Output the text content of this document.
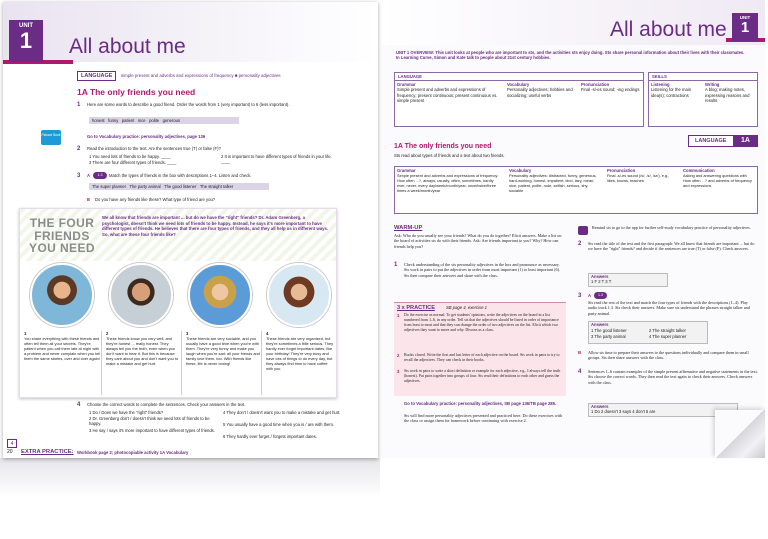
UNIT
1	All about me
LANGUAGE	simple present and adverbs and expressions of frequency ■ personality adjectives
1A The only friends you need
1 Here are some words to describe a good friend. Order the words from 1 (very important) to 6 (less important).
honest funny patient nice polite generous
Palrace Book	Go to Vocabulary practice: personality adjectives, page 136
2 Read the introduction to the text. Are the sentences true (T) or false (F)?
1 You need lots of friends to be happy. ____	2 It is important to have different types of friends in your life. ____
3 There are four different types of friends. ____
3 A	1.3	Match the types of friends in the box with descriptions 1–4. Listen and check.
The super planner The party animal The good listener The straight talker
B Do you have any friends like these? What type of friend are you?
THE FOUR FRIENDS YOU NEED
We all know that friends are important ... but do we have the "right" friends? Dr. Adam Greenberg, a psychologist, doesn't think we need lots of friends to be happy. Instead, he says it's more important to have different types of friends. He believes that there are four types of friends, and they all help us in different ways. So, what are these four friends like?
1
You share everything with these friends and often tell them all your secrets. They're patient when you call them late at night with a problem and never complain when you tell them the same stories, over and over again!
2
These friends know you very well, and they're honest ... really honest. They always tell you the truth, even when you don't want to hear it. But this is because they care about you and don't want you to make a mistake and get hurt.
3
These friends are very sociable, and you usually have a good time when you're with them. They're very funny and make you laugh when you're sad; all your friends and family love them, too. With friends like these, life is never boring!
4
These friends are very organized, but they're sometimes a little serious. They hardly ever forget important dates, like your birthday! They're very busy and have lots of things to do every day, but they always find time to have coffee with you.
4 Choose the correct words to complete the sentences. Check your answers in the text.
1 Do / Does we have the "right" friends?
2 Dr. Greenberg don't / doesn't think we need lots of friends to be happy.
3 He say / says it's more important to have different types of friends.
4 They don't / doesn't want you to make a mistake and get hurt.
5 You usually have a good time when you is / are with them.
6 They hardly ever forget / forgets important dates.
4
20 EXTRA PRACTICE: Workbook page 2; photocopiable activity 1A Vocabulary
All about me
UNIT
1
UNIT 1 OVERVIEW: This unit looks at people who are important to sts, and the activities sts enjoy doing. Sts share personal information about their lives with their classmates. In Learning Curve, Simon and Kate talk to people about 21st century hobbies.
LANGUAGE
Grammar
Simple present and adverbs and expressions of frequency; present continuous; present continuous vs. simple present
Vocabulary
Personality adjectives; hobbies and socializing; useful verbs
Pronunciation
Final -s/-es sound; -ing endings
SKILLS
Listening
Listening for the main idea(s); contractions
Writing
A blog; making notes, expressing reasons and results
LANGUAGE	1A
1A The only friends you need
Sts read about types of friends and a text about two friends.
Grammar
Simple present and adverbs and expressions of frequency: How often ...?, always, usually, often, sometimes, hardly ever, never, every day/week/month/year, once/twice/three times a week/month/year
Vocabulary
Personality adjectives: distracted, funny, generous, hard-working, honest, impatient, kind, lazy, mean, nice, patient, polite, rude, selfish, serious, shy, sociable
Pronunciation
Final -s/-es sound (/s/, /z/, /ɪz/), e.g., likes, knows, teaches
Communication
Asking and answering questions with How often ...? and adverbs of frequency and expressions
WARM-UP
Ask: Who do you usually see your friends? What do you do together? Elicit answers. Make a list on the board of activities sts do with their friends. Ask: Are friends important to you? Why? How can friends help you?
1 Check understanding of the six personality adjectives in the box and pronounce as necessary. Sts work in pairs to put the adjectives in order from most important (1) to least important (6). Sts then compare their answers and share with the class.
3 x PRACTICE	SB page 4, exercise 1
1 Do the exercise as normal. To get students' opinions, write the adjectives on the board in a list numbered from 1–6, in any order. Tell sts that the adjectives should be listed in order of importance from least to most and that they can change the order of two adjectives on the list. Elicit which two adjectives they want to move and why. Discuss as a class.
2 Books closed. Write the first and last letter of each adjective on the board. Sts work in pairs to try to recall the adjectives. They can check in their books.
3 Sts work in pairs to write a short definition or example for each adjective, e.g., I always tell the truth (honest). Put pairs together into groups of four. Sts read their definitions to each other and guess the adjectives.
Go to Vocabulary practice: personality adjectives, SB page 136/TB page 285.
Sts will find more personality adjectives presented and practiced here. Do these exercises with the class or assign them for homework before continuing with exercise 2.
Remind sts to go to the app for further self-study vocabulary practice of personality adjectives.
2 Sts read the title of the text and the first paragraph: We all know that friends are important ... but do we have the "right" friends? and decide if the sentences are true (T) or false (F). Check answers.
Answers
1 F 2 T 3 T
3 A	1.3
Sts read the rest of the text and match the four types of friends with the descriptions (1–4). Play audio track 1.3. Sts check their answers. Make sure sts understand the phrases straight talker and party animal.
Answers
1 The good listener	2 The straight talker
3 The party animal	4 The super planner
B Allow sts time to prepare their answers to the questions individually and compare them in small groups. Sts then share answers with the class.
4 Sentences 1–6 contain examples of the simple present affirmative and negative statements in the text. Sts choose the correct words. They then read the text again to check their answers. Check answers with the class.
Answers
1 Do 2 doesn't 3 says 4 don't 5 are
